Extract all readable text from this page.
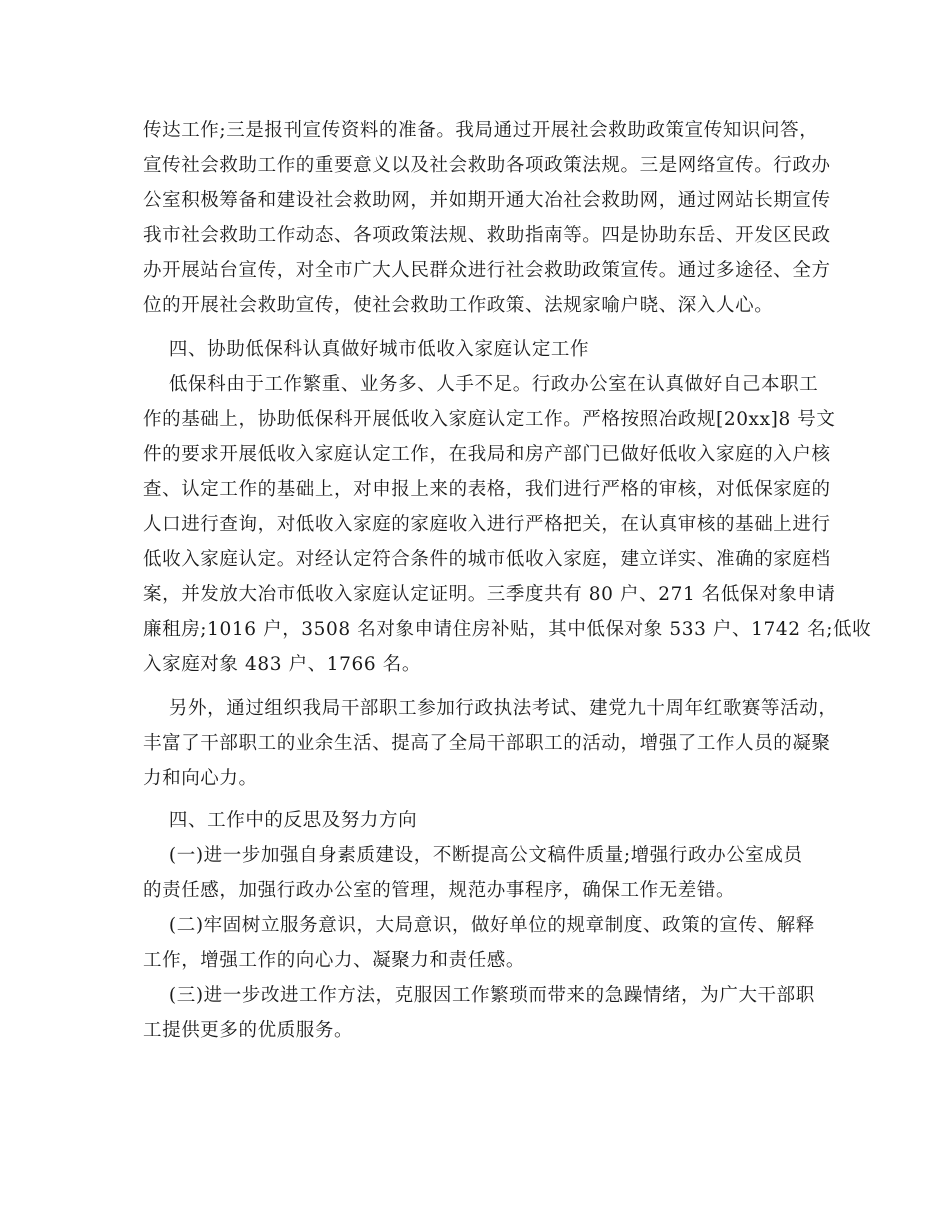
传达工作;三是报刊宣传资料的准备。我局通过开展社会救助政策宣传知识问答，
宣传社会救助工作的重要意义以及社会救助各项政策法规。三是网络宣传。行政办
公室积极筹备和建设社会救助网，并如期开通大冶社会救助网，通过网站长期宣传
我市社会救助工作动态、各项政策法规、救助指南等。四是协助东岳、开发区民政
办开展站台宣传，对全市广大人民群众进行社会救助政策宣传。通过多途径、全方
位的开展社会救助宣传，使社会救助工作政策、法规家喻户晓、深入人心。
四、协助低保科认真做好城市低收入家庭认定工作
低保科由于工作繁重、业务多、人手不足。行政办公室在认真做好自己本职工
作的基础上，协助低保科开展低收入家庭认定工作。严格按照冶政规[20xx]8 号文
件的要求开展低收入家庭认定工作，在我局和房产部门已做好低收入家庭的入户核
查、认定工作的基础上，对申报上来的表格，我们进行严格的审核，对低保家庭的
人口进行查询，对低收入家庭的家庭收入进行严格把关，在认真审核的基础上进行
低收入家庭认定。对经认定符合条件的城市低收入家庭，建立详实、准确的家庭档
案，并发放大冶市低收入家庭认定证明。三季度共有 80 户、271 名低保对象申请
廉租房;1016 户，3508 名对象申请住房补贴，其中低保对象 533 户、1742 名;低收
入家庭对象 483 户、1766 名。
另外，通过组织我局干部职工参加行政执法考试、建党九十周年红歌赛等活动，
丰富了干部职工的业余生活、提高了全局干部职工的活动，增强了工作人员的凝聚
力和向心力。
四、工作中的反思及努力方向
(一)进一步加强自身素质建设，不断提高公文稿件质量;增强行政办公室成员
的责任感，加强行政办公室的管理，规范办事程序，确保工作无差错。
(二)牢固树立服务意识，大局意识，做好单位的规章制度、政策的宣传、解释
工作，增强工作的向心力、凝聚力和责任感。
(三)进一步改进工作方法，克服因工作繁琐而带来的急躁情绪，为广大干部职
工提供更多的优质服务。
